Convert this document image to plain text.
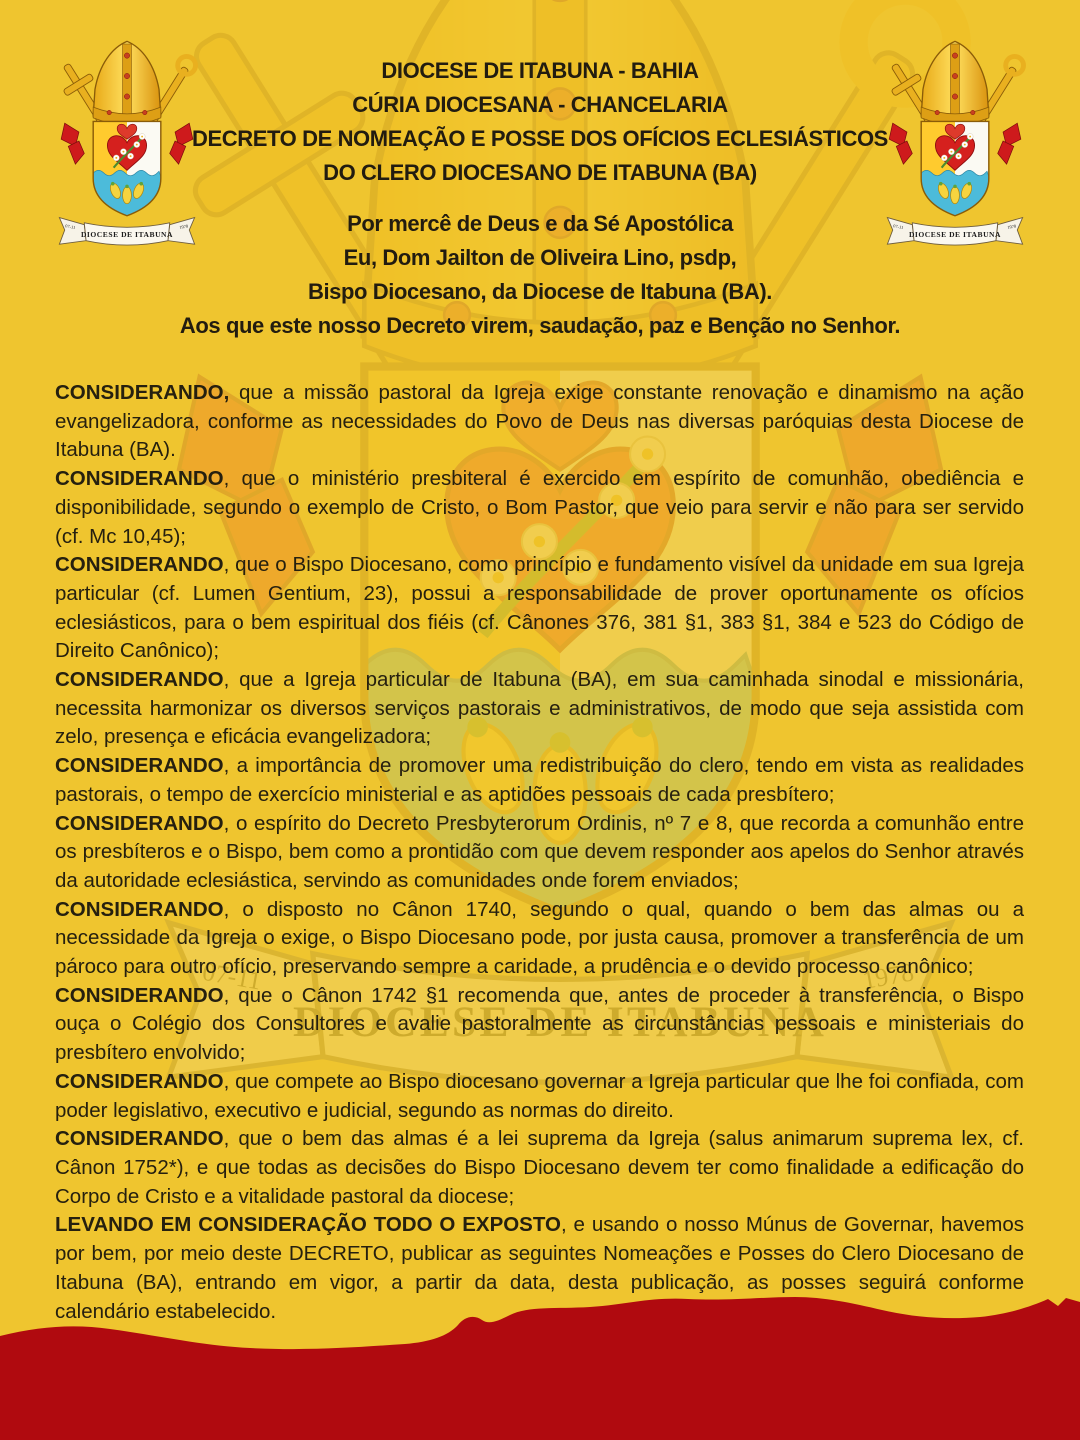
DIOCESE DE ITABUNA - BAHIA
CÚRIA DIOCESANA - CHANCELARIA
DECRETO DE NOMEAÇÃO E POSSE DOS OFÍCIOS ECLESIÁSTICOS
DO CLERO DIOCESANO DE ITABUNA (BA)
Por mercê de Deus e da Sé Apostólica
Eu, Dom Jailton de Oliveira Lino, psdp,
Bispo Diocesano, da Diocese de Itabuna (BA).
Aos que este nosso Decreto virem, saudação, paz e Benção no Senhor.

CONSIDERANDO, que a missão pastoral da Igreja exige constante renovação e dinamismo na ação evangelizadora, conforme as necessidades do Povo de Deus nas diversas paróquias desta Diocese de Itabuna (BA).

CONSIDERANDO, que o ministério presbiteral é exercido em espírito de comunhão, obediência e disponibilidade, segundo o exemplo de Cristo, o Bom Pastor, que veio para servir e não para ser servido (cf. Mc 10,45);

CONSIDERANDO, que o Bispo Diocesano, como princípio e fundamento visível da unidade em sua Igreja particular (cf. Lumen Gentium, 23), possui a responsabilidade de prover oportunamente os ofícios eclesiásticos, para o bem espiritual dos fiéis (cf. Cânones 376, 381 §1, 383 §1, 384 e 523 do Código de Direito Canônico);

CONSIDERANDO, que a Igreja particular de Itabuna (BA), em sua caminhada sinodal e missionária, necessita harmonizar os diversos serviços pastorais e administrativos, de modo que seja assistida com zelo, presença e eficácia evangelizadora;

CONSIDERANDO, a importância de promover uma redistribuição do clero, tendo em vista as realidades pastorais, o tempo de exercício ministerial e as aptidões pessoais de cada presbítero;

CONSIDERANDO, o espírito do Decreto Presbyterorum Ordinis, nº 7 e 8, que recorda a comunhão entre os presbíteros e o Bispo, bem como a prontidão com que devem responder aos apelos do Senhor através da autoridade eclesiástica, servindo as comunidades onde forem enviados;

CONSIDERANDO, o disposto no Cânon 1740, segundo o qual, quando o bem das almas ou a necessidade da Igreja o exige, o Bispo Diocesano pode, por justa causa, promover a transferência de um pároco para outro ofício, preservando sempre a caridade, a prudência e o devido processo canônico;

CONSIDERANDO, que o Cânon 1742 §1 recomenda que, antes de proceder à transferência, o Bispo ouça o Colégio dos Consultores e avalie pastoralmente as circunstâncias pessoais e ministeriais do presbítero envolvido;

CONSIDERANDO, que compete ao Bispo diocesano governar a Igreja particular que lhe foi confiada, com poder legislativo, executivo e judicial, segundo as normas do direito.

CONSIDERANDO, que o bem das almas é a lei suprema da Igreja (salus animarum suprema lex, cf. Cânon 1752*), e que todas as decisões do Bispo Diocesano devem ter como finalidade a edificação do Corpo de Cristo e a vitalidade pastoral da diocese;

LEVANDO EM CONSIDERAÇÃO TODO O EXPOSTO, e usando o nosso Múnus de Governar, havemos por bem, por meio deste DECRETO, publicar as seguintes Nomeações e Posses do Clero Diocesano de Itabuna (BA), entrando em vigor, a partir da data, desta publicação, as posses seguirá conforme calendário estabelecido.
